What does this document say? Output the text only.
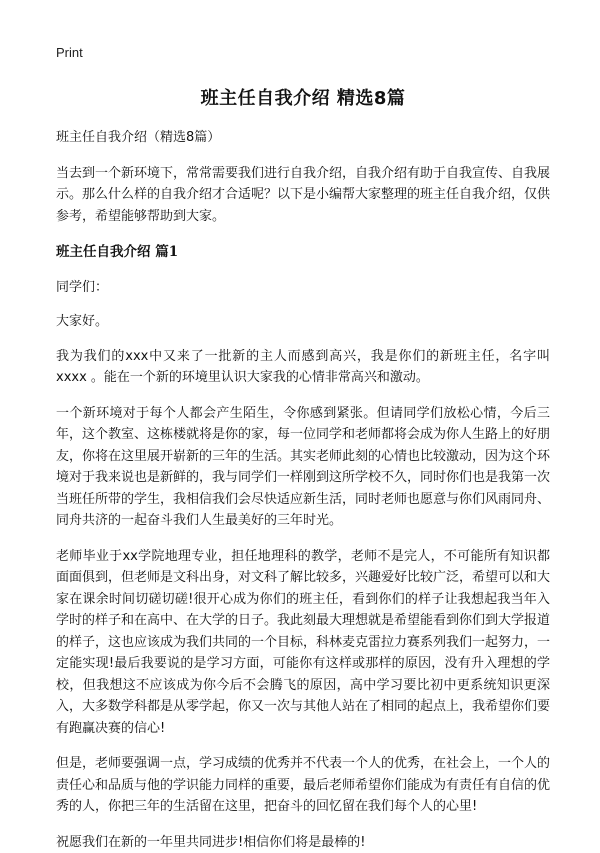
Print
班主任自我介绍 精选8篇

班主任自我介绍（精选8篇）

当去到一个新环境下，常常需要我们进行自我介绍，自我介绍有助于自我宣传、自我展示。那么什么样的自我介绍才合适呢？以下是小编帮大家整理的班主任自我介绍，仅供参考，希望能够帮助到大家。

班主任自我介绍 篇1

同学们：

大家好。

我为我们的xxx中又来了一批新的主人而感到高兴，我是你们的新班主任，名字叫xxxx 。能在一个新的环境里认识大家我的心情非常高兴和激动。

一个新环境对于每个人都会产生陌生，令你感到紧张。但请同学们放松心情，今后三年，这个教室、这栋楼就将是你的家，每一位同学和老师都将会成为你人生路上的好朋友，你将在这里展开崭新的三年的生活。其实老师此刻的心情也比较激动，因为这个环境对于我来说也是新鲜的，我与同学们一样刚到这所学校不久，同时你们也是我第一次当班任所带的学生，我相信我们会尽快适应新生活，同时老师也愿意与你们风雨同舟、同舟共济的一起奋斗我们人生最美好的三年时光。

老师毕业于xx学院地理专业，担任地理科的教学，老师不是完人，不可能所有知识都面面俱到，但老师是文科出身，对文科了解比较多，兴趣爱好比较广泛，希望可以和大家在课余时间切磋切磋!很开心成为你们的班主任，看到你们的样子让我想起我当年入学时的样子和在高中、在大学的日子。我此刻最大理想就是希望能看到你们到大学报道的样子，这也应该成为我们共同的一个目标，科林麦克雷拉力赛系列我们一起努力，一定能实现!最后我要说的是学习方面，可能你有这样或那样的原因，没有升入理想的学校，但我想这不应该成为你今后不会腾飞的原因，高中学习要比初中更系统知识更深入，大多数学科都是从零学起，你又一次与其他人站在了相同的起点上，我希望你们要有跑赢决赛的信心!

但是，老师要强调一点，学习成绩的优秀并不代表一个人的优秀，在社会上，一个人的责任心和品质与他的学识能力同样的重要，最后老师希望你们能成为有责任有自信的优秀的人，你把三年的生活留在这里，把奋斗的回忆留在我们每个人的心里!

祝愿我们在新的一年里共同进步!相信你们将是最棒的!
